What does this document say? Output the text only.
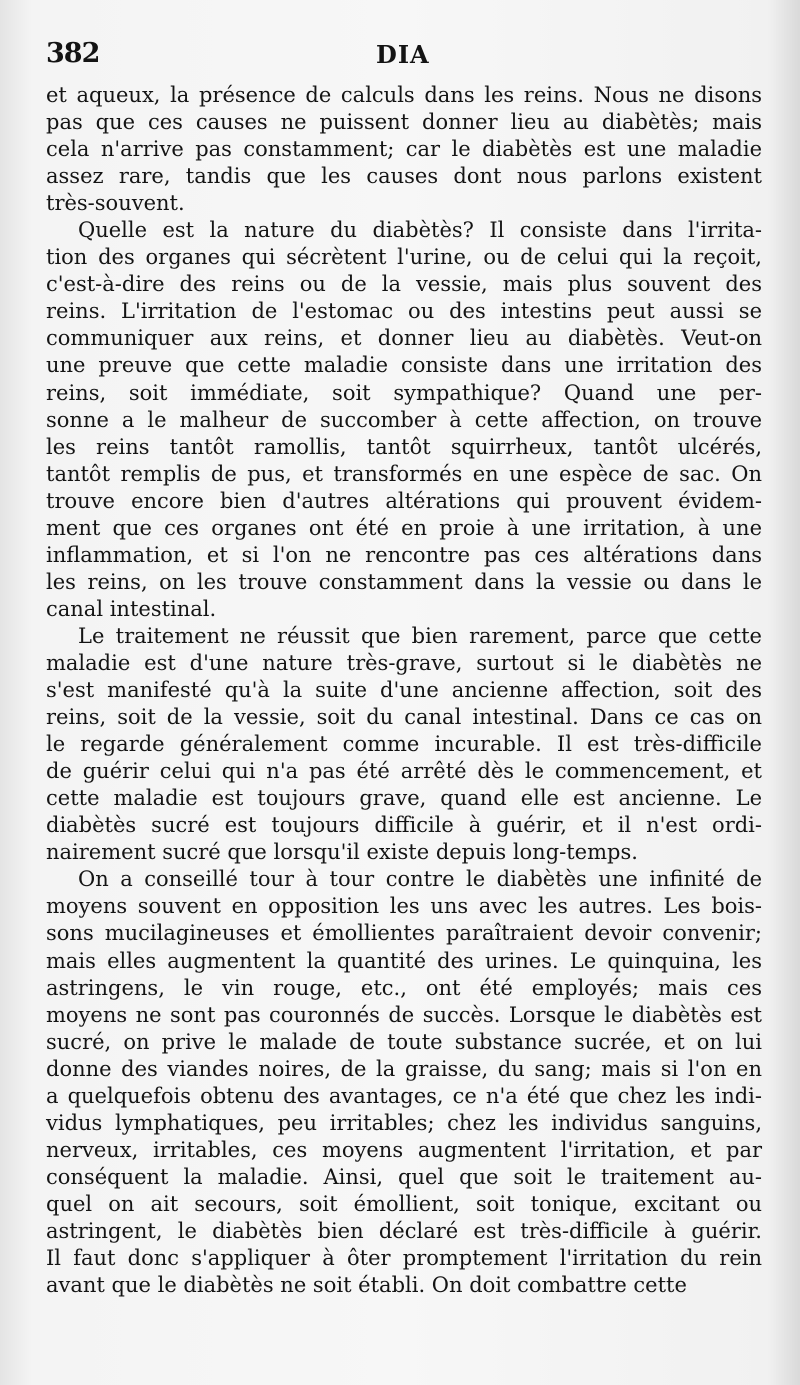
382	DIA

et aqueux, la présence de calculs dans les reins. Nous ne disons
pas que ces causes ne puissent donner lieu au diabètès; mais
cela n'arrive pas constamment; car le diabètès est une maladie
assez rare, tandis que les causes dont nous parlons existent
très-souvent.

Quelle est la nature du diabètès? Il consiste dans l'irrita-
tion des organes qui sécrètent l'urine, ou de celui qui la reçoit,
c'est-à-dire des reins ou de la vessie, mais plus souvent des
reins. L'irritation de l'estomac ou des intestins peut aussi se
communiquer aux reins, et donner lieu au diabètès. Veut-on
une preuve que cette maladie consiste dans une irritation des
reins, soit immédiate, soit sympathique? Quand une per-
sonne a le malheur de succomber à cette affection, on trouve
les reins tantôt ramollis, tantôt squirrheux, tantôt ulcérés,
tantôt remplis de pus, et transformés en une espèce de sac. On
trouve encore bien d'autres altérations qui prouvent évidem-
ment que ces organes ont été en proie à une irritation, à une
inflammation, et si l'on ne rencontre pas ces altérations dans
les reins, on les trouve constamment dans la vessie ou dans le
canal intestinal.

Le traitement ne réussit que bien rarement, parce que cette
maladie est d'une nature très-grave, surtout si le diabètès ne
s'est manifesté qu'à la suite d'une ancienne affection, soit des
reins, soit de la vessie, soit du canal intestinal. Dans ce cas on
le regarde généralement comme incurable. Il est très-difficile
de guérir celui qui n'a pas été arrêté dès le commencement, et
cette maladie est toujours grave, quand elle est ancienne. Le
diabètès sucré est toujours difficile à guérir, et il n'est ordi-
nairement sucré que lorsqu'il existe depuis long-temps.

On a conseillé tour à tour contre le diabètès une infinité de
moyens souvent en opposition les uns avec les autres. Les bois-
sons mucilagineuses et émollientes paraîtraient devoir convenir;
mais elles augmentent la quantité des urines. Le quinquina, les
astringens, le vin rouge, etc., ont été employés; mais ces
moyens ne sont pas couronnés de succès. Lorsque le diabètès est
sucré, on prive le malade de toute substance sucrée, et on lui
donne des viandes noires, de la graisse, du sang; mais si l'on en
a quelquefois obtenu des avantages, ce n'a été que chez les indi-
vidus lymphatiques, peu irritables; chez les individus sanguins,
nerveux, irritables, ces moyens augmentent l'irritation, et par
conséquent la maladie. Ainsi, quel que soit le traitement au-
quel on ait secours, soit émollient, soit tonique, excitant ou
astringent, le diabètès bien déclaré est très-difficile à guérir.
Il faut donc s'appliquer à ôter promptement l'irritation du rein
avant que le diabètès ne soit établi. On doit combattre cette
